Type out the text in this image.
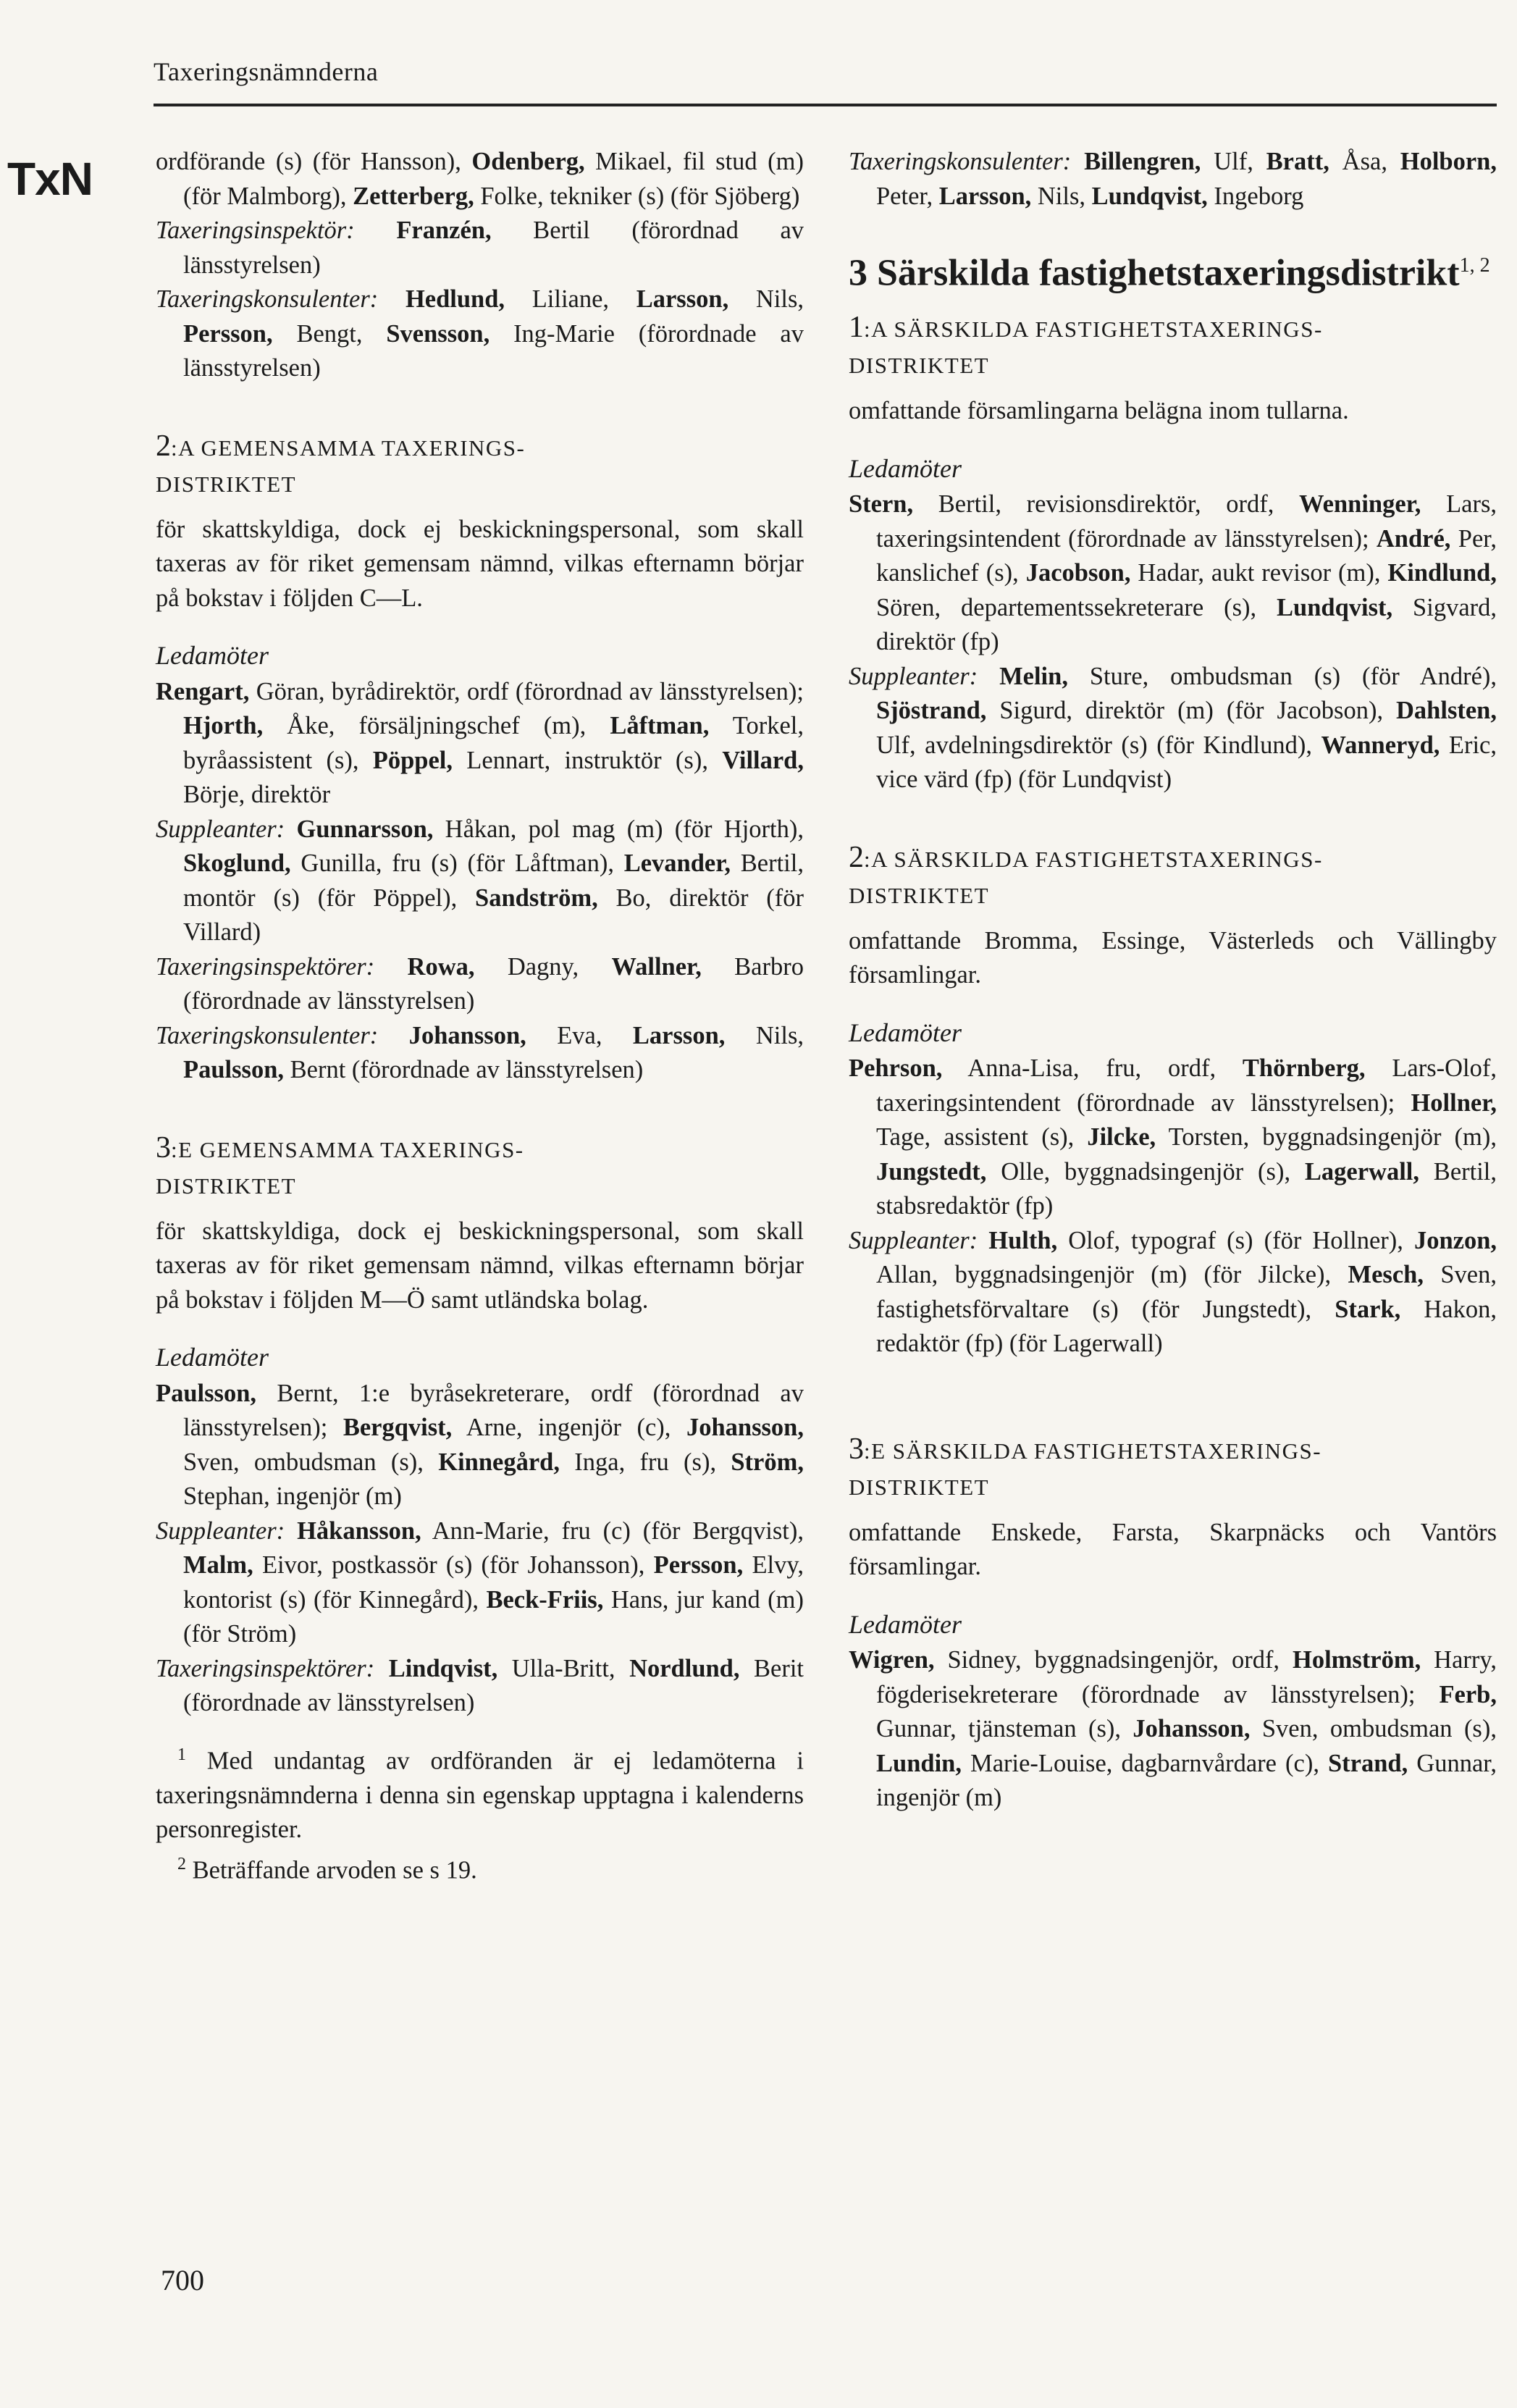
Taxeringsnämnderna
TxN	ordförande (s) (för Hansson), Odenberg, Mikael, fil stud (m) (för Malmborg), Zetterberg, Folke, tekniker (s) (för Sjöberg)

Taxeringsinspektör: Franzén, Bertil (förordnad av länsstyrelsen)

Taxeringskonsulenter: Hedlund, Liliane, Larsson, Nils, Persson, Bengt, Svensson, Ing-Marie (förordnade av länsstyrelsen)

2:A GEMENSAMMA TAXERINGS-
DISTRIKTET

för skattskyldiga, dock ej beskickningspersonal, som skall taxeras av för riket gemensam nämnd, vilkas efternamn börjar på bokstav i följden C—L.

Ledamöter

Rengart, Göran, byrådirektör, ordf (förordnad av länsstyrelsen); Hjorth, Åke, försäljningschef (m), Låftman, Torkel, byråassistent (s), Pöppel, Lennart, instruktör (s), Villard, Börje, direktör

Suppleanter: Gunnarsson, Håkan, pol mag (m) (för Hjorth), Skoglund, Gunilla, fru (s) (för Låftman), Levander, Bertil, montör (s) (för Pöppel), Sandström, Bo, direktör (för Villard)

Taxeringsinspektörer: Rowa, Dagny, Wallner, Barbro (förordnade av länsstyrelsen)

Taxeringskonsulenter: Johansson, Eva, Larsson, Nils, Paulsson, Bernt (förordnade av länsstyrelsen)

3:E GEMENSAMMA TAXERINGS-
DISTRIKTET

för skattskyldiga, dock ej beskickningspersonal, som skall taxeras av för riket gemensam nämnd, vilkas efternamn börjar på bokstav i följden M—Ö samt utländska bolag.

Ledamöter

Paulsson, Bernt, 1:e byråsekreterare, ordf (förordnad av länsstyrelsen); Bergqvist, Arne, ingenjör (c), Johansson, Sven, ombudsman (s), Kinnegård, Inga, fru (s), Ström, Stephan, ingenjör (m)

Suppleanter: Håkansson, Ann-Marie, fru (c) (för Bergqvist), Malm, Eivor, postkassör (s) (för Johansson), Persson, Elvy, kontorist (s) (för Kinnegård), Beck-Friis, Hans, jur kand (m) (för Ström)

Taxeringsinspektörer: Lindqvist, Ulla-Britt, Nordlund, Berit (förordnade av länsstyrelsen)

$^1$ Med undantag av ordföranden är ej ledamöterna i taxeringsnämnderna i denna sin egenskap upptagna i kalenderns personregister.

$^2$ Beträffande arvoden se s 19.

Taxeringskonsulenter: Billengren, Ulf, Bratt, Åsa, Holborn, Peter, Larsson, Nils, Lundqvist, Ingeborg

3 Särskilda fastighetstaxeringsdistrikt$^{1, 2}$
1:A SÄRSKILDA FASTIGHETSTAXERINGS-
DISTRIKTET

omfattande församlingarna belägna inom tullarna.

Ledamöter

Stern, Bertil, revisionsdirektör, ordf, Wenninger, Lars, taxeringsintendent (förordnade av länsstyrelsen); André, Per, kanslichef (s), Jacobson, Hadar, aukt revisor (m), Kindlund, Sören, departementssekreterare (s), Lundqvist, Sigvard, direktör (fp)

Suppleanter: Melin, Sture, ombudsman (s) (för André), Sjöstrand, Sigurd, direktör (m) (för Jacobson), Dahlsten, Ulf, avdelningsdirektör (s) (för Kindlund), Wanneryd, Eric, vice värd (fp) (för Lundqvist)

2:A SÄRSKILDA FASTIGHETSTAXERINGS-
DISTRIKTET

omfattande Bromma, Essinge, Västerleds och Vällingby församlingar.

Ledamöter

Pehrson, Anna-Lisa, fru, ordf, Thörnberg, Lars-Olof, taxeringsintendent (förordnade av länsstyrelsen); Hollner, Tage, assistent (s), Jilcke, Torsten, byggnadsingenjör (m), Jungstedt, Olle, byggnadsingenjör (s), Lagerwall, Bertil, stabsredaktör (fp)

Suppleanter: Hulth, Olof, typograf (s) (för Hollner), Jonzon, Allan, byggnadsingenjör (m) (för Jilcke), Mesch, Sven, fastighetsförvaltare (s) (för Jungstedt), Stark, Hakon, redaktör (fp) (för Lagerwall)

3:E SÄRSKILDA FASTIGHETSTAXERINGS-
DISTRIKTET

omfattande Enskede, Farsta, Skarpnäcks och Vantörs församlingar.

Ledamöter

Wigren, Sidney, byggnadsingenjör, ordf, Holmström, Harry, fögderisekreterare (förordnade av länsstyrelsen); Ferb, Gunnar, tjänsteman (s), Johansson, Sven, ombudsman (s), Lundin, Marie-Louise, dagbarnvårdare (c), Strand, Gunnar, ingenjör (m)

700
